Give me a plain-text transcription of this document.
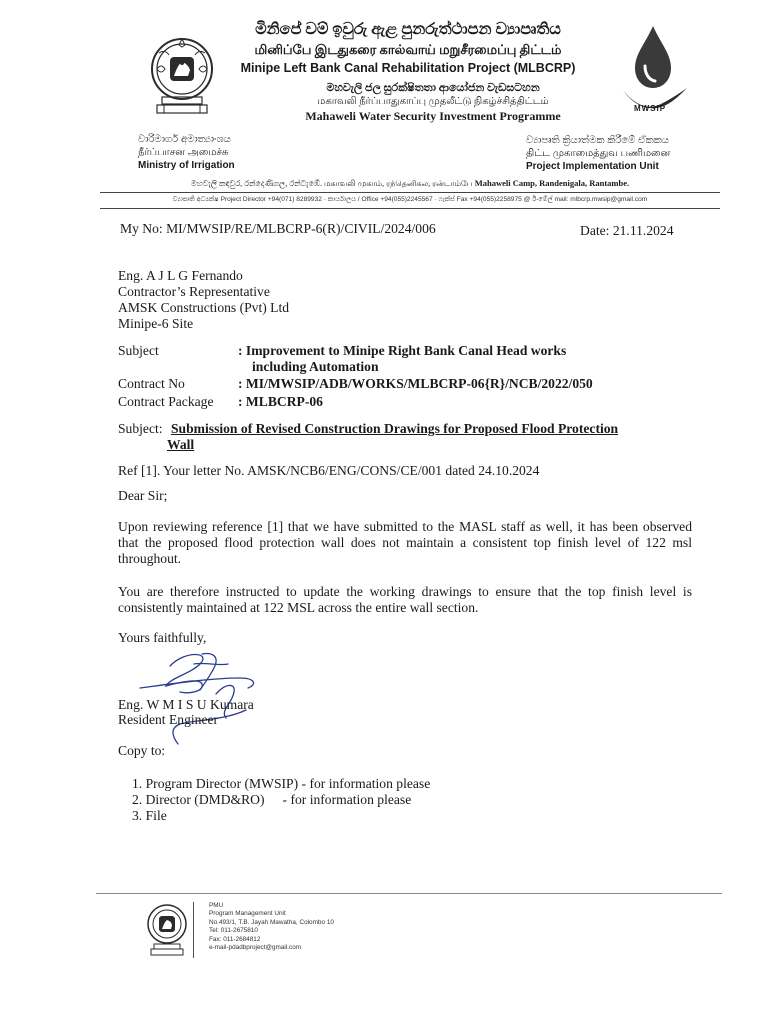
මිනිපේ වම් ඉවුරු ඇළ පුනරුත්ථාපන ව්‍යාපෘතිය
மினிப்பே இடதுகரை கால்வாய் மறுசீரமைப்பு திட்டம்
Minipe Left Bank Canal Rehabilitation Project (MLBCRP)
මහවැලි ජල සුරක්ෂිතතා ආයෝජන වැඩසටහන
மகாவலி நீர்ப்பாதுகாப்பு முதலீட்டு நிகழ்ச்சித்திட்டம்
Mahaweli Water Security Investment Programme
MWSIP
වාරිමාර්ග අමාත්‍යාංශය
நீர்ப்பாசன அமைச்சு
Ministry of Irrigation
ව්‍යාපෘති ක්‍රියාත්මක කිරීමේ ඒකකය
திட்ட முகாமைத்துவ பணிமனை
Project Implementation Unit
මහවැලි කඳවුර, රන්දෙණිගල, රන්ටැඹේ. மகாவலி முகாம், ரந்தெனிகல, ரன்டாம்பே Mahaweli Camp, Randenigala, Rantambe.
ව්‍යාපෘති අධ්‍යක්ෂ Project Director +94(071) 8289932 · කාර්යාලය / Office +94(055)2245567 · ෆැක්ස් Fax +94(055)2258975 @ ඊ-මේල් mail: mlbcrp.mwsip@gmail.com
My No: MI/MWSIP/RE/MLBCRP-6(R)/CIVIL/2024/006	Date: 21.11.2024
Eng. A J L G Fernando
Contractor’s Representative
AMSK Constructions (Pvt) Ltd
Minipe-6 Site
Subject	: Improvement to Minipe Right Bank Canal Head works
including Automation
Contract No	: MI/MWSIP/ADB/WORKS/MLBCRP-06{R}/NCB/2022/050
Contract Package : MLBCRP-06
Subject: Submission of Revised Construction Drawings for Proposed Flood Protection
Wall
Ref [1]. Your letter No. AMSK/NCB6/ENG/CONS/CE/001 dated 24.10.2024
Dear Sir;
Upon reviewing reference [1] that we have submitted to the MASL staff as well, it has been observed that the proposed flood protection wall does not maintain a consistent top finish level of 122 msl throughout.
You are therefore instructed to update the working drawings to ensure that the top finish level is consistently maintained at 122 MSL across the entire wall section.
Yours faithfully,
Eng. W M I S U Kumara
Resident Engineer
Copy to:
1. Program Director (MWSIP) - for information please
2. Director (DMD&RO) - for information please
3. File
PMU
Program Management Unit
No.493/1, T.B. Jayah Mawatha, Colombo 10
Tel: 011-2675810
Fax: 011-2684812
e-mail-pdadbproject@gmail.com
